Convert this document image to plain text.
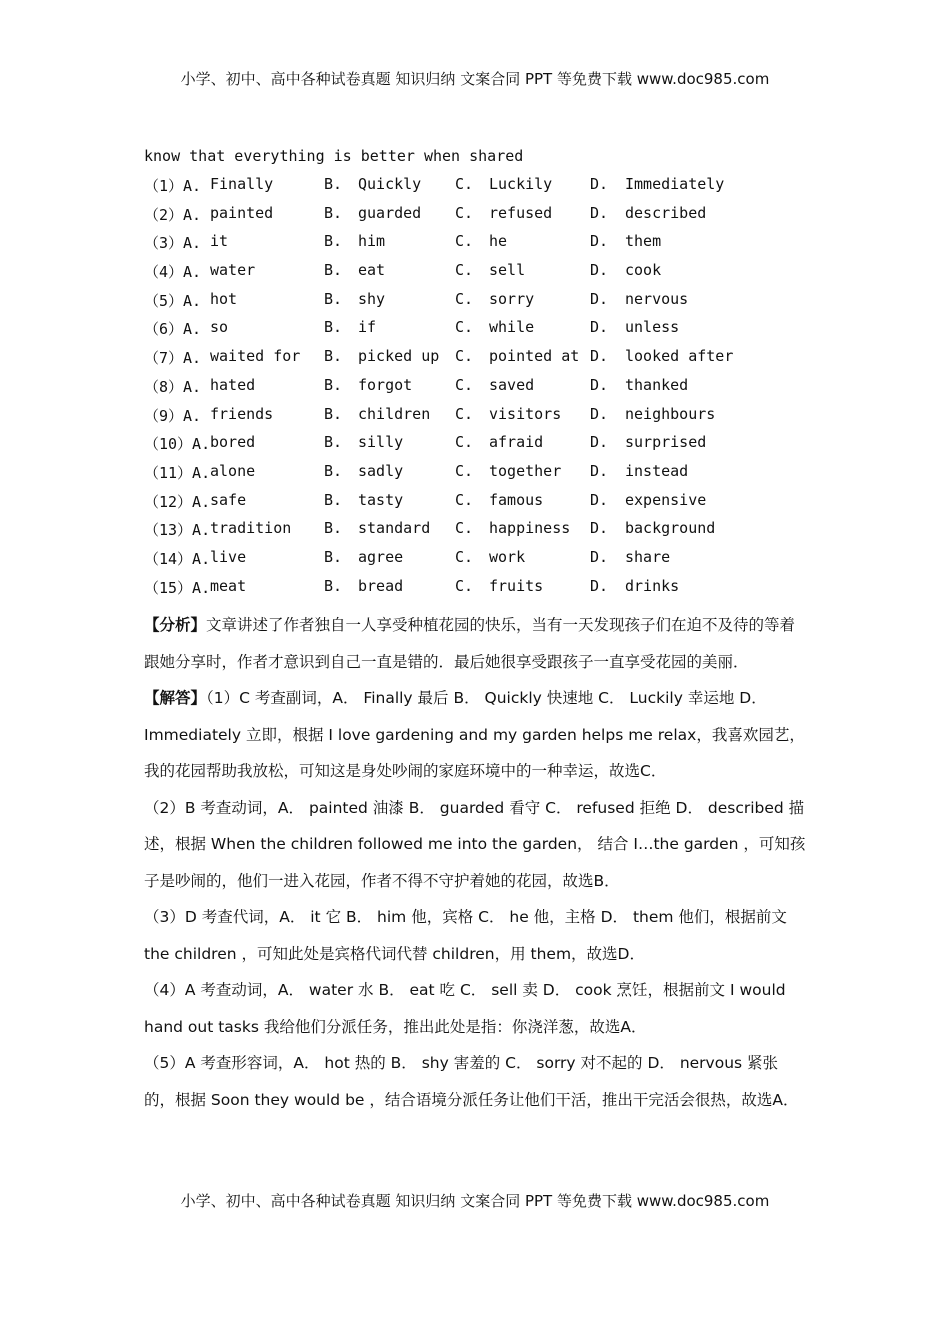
小学、初中、高中各种试卷真题 知识归纳 文案合同 PPT 等免费下载 www.doc985.com
know that everything is better when shared
（1）A. Finally	B. Quickly C. Luckily	D. Immediately
（2）A. painted	B. guarded C. refused	D. described
（3）A. it	B. him	C. he	D. them
（4）A. water	B. eat	C. sell	D. cook
（5）A. hot	B. shy	C. sorry	D. nervous
（6）A. so	B. if	C. while	D. unless
（7）A. waited for B. picked up C. pointed at D. looked after
（8）A. hated	B. forgot	C. saved	D. thanked
（9）A. friends	B. children C. visitors D. neighbours
（10）A. bored	B. silly	C. afraid	D. surprised
（11）A. alone	B. sadly	C. together D. instead
（12）A. safe	B. tasty	C. famous	D. expensive
（13）A. tradition B. standard C. happiness D. background
（14）A. live	B. agree	C. work	D. share
（15）A. meat	B. bread	C. fruits	D. drinks

【分析】文章讲述了作者独自一人享受种植花园的快乐，当有一天发现孩子们在迫不及待的等着跟她分享时，作者才意识到自己一直是错的．最后她很享受跟孩子一直享受花园的美丽．

【解答】（1）C 考查副词，A． Finally 最后 B． Quickly 快速地 C． Luckily 幸运地 D． Immediately 立即，根据 I love gardening and my garden helps me relax，我喜欢园艺，我的花园帮助我放松，可知这是身处吵闹的家庭环境中的一种幸运，故选C．

（2）B 考查动词，A． painted 油漆 B． guarded 看守 C． refused 拒绝 D． described 描述，根据 When the children followed me into the garden， 结合 I…the garden ，可知孩子是吵闹的，他们一进入花园，作者不得不守护着她的花园，故选B．

（3）D 考查代词，A． it 它 B． him 他，宾格 C． he 他，主格 D． them 他们，根据前文 the children ，可知此处是宾格代词代替 children，用 them，故选D．

（4）A 考查动词，A． water 水 B． eat 吃 C． sell 卖 D． cook 烹饪，根据前文 I would hand out tasks 我给他们分派任务，推出此处是指：你浇洋葱，故选A．

（5）A 考查形容词，A． hot 热的 B． shy 害羞的 C． sorry 对不起的 D． nervous 紧张的，根据 Soon they would be ，结合语境分派任务让他们干活，推出干完活会很热，故选A．

小学、初中、高中各种试卷真题 知识归纳 文案合同 PPT 等免费下载 www.doc985.com
